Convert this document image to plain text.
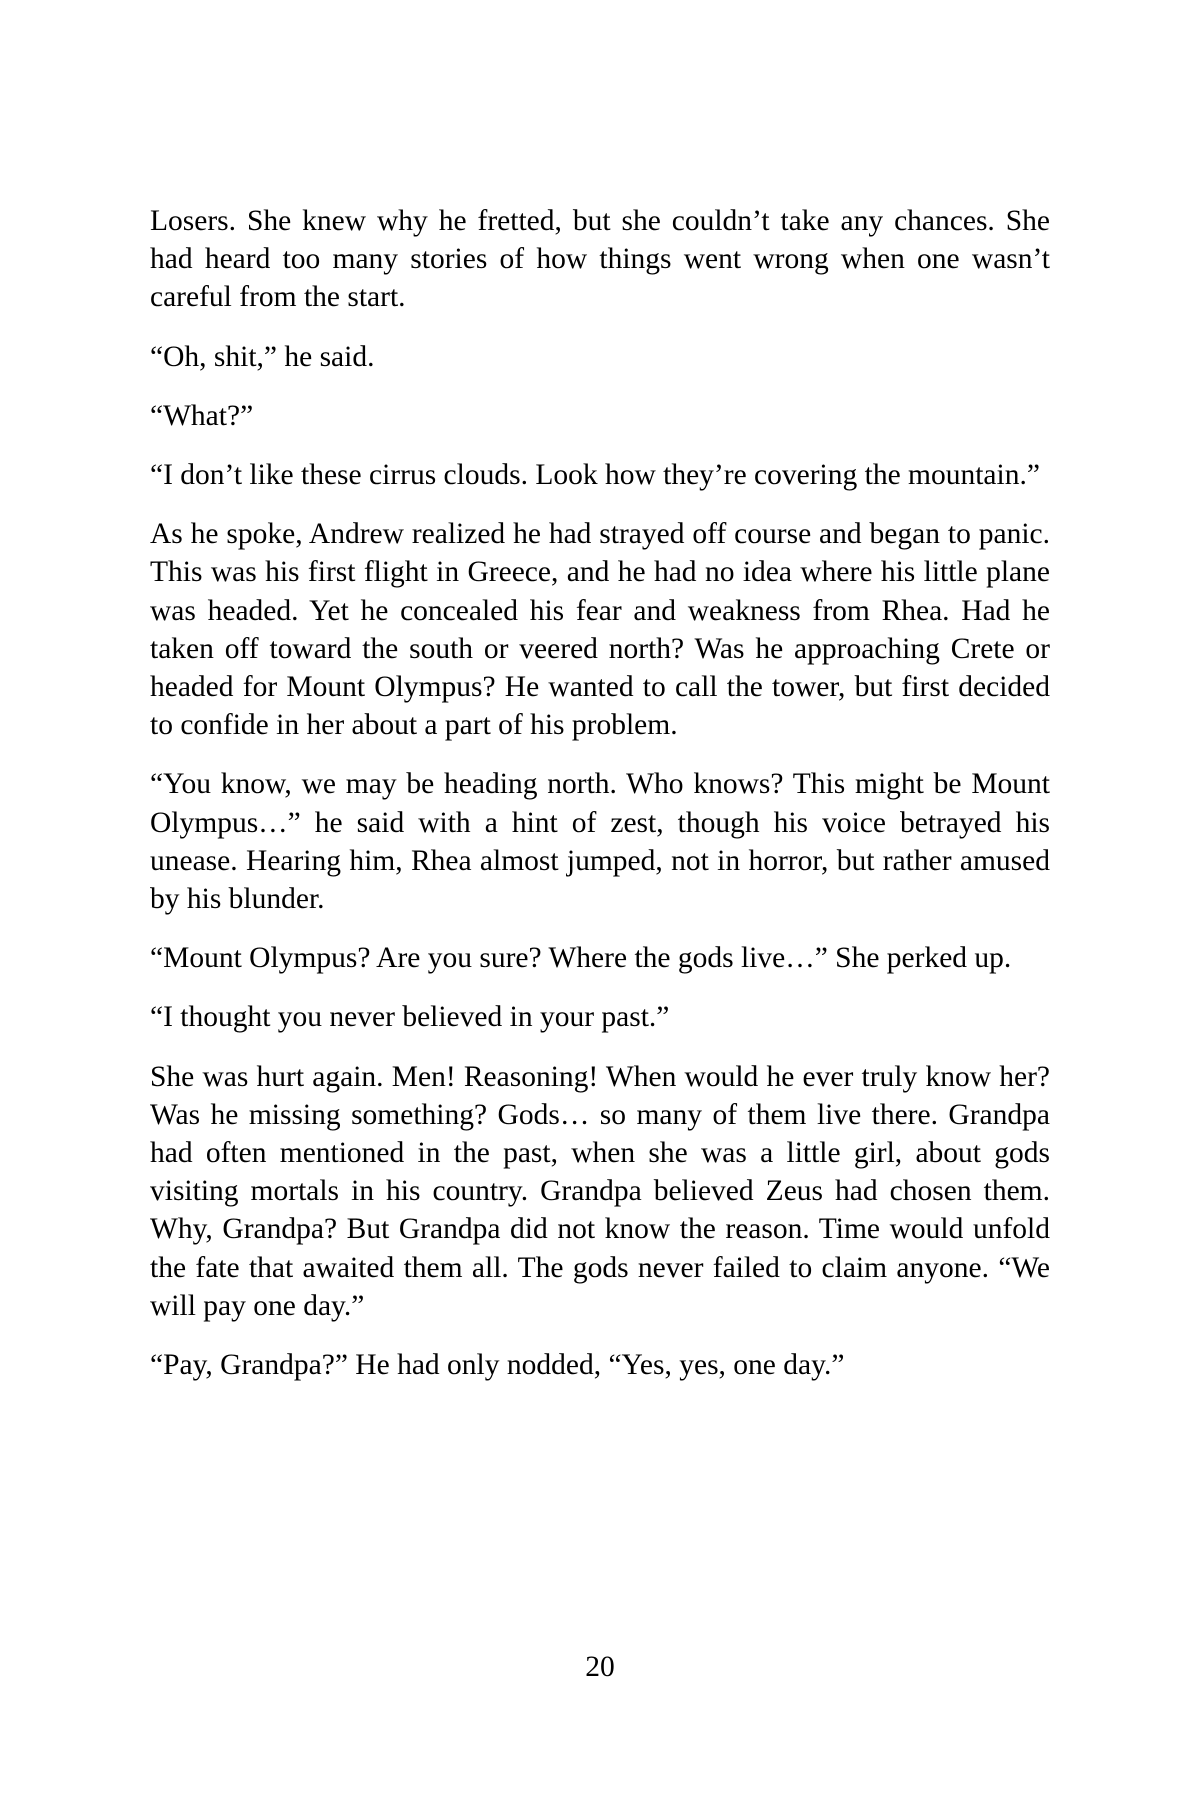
Losers. She knew why he fretted, but she couldn’t take any chances. She had heard too many stories of how things went wrong when one wasn’t careful from the start.

“Oh, shit,” he said.

“What?”

“I don’t like these cirrus clouds. Look how they’re covering the mountain.”

As he spoke, Andrew realized he had strayed off course and began to panic. This was his first flight in Greece, and he had no idea where his little plane was headed. Yet he concealed his fear and weakness from Rhea. Had he taken off toward the south or veered north? Was he approaching Crete or headed for Mount Olympus? He wanted to call the tower, but first decided to confide in her about a part of his problem.

“You know, we may be heading north. Who knows? This might be Mount Olympus…” he said with a hint of zest, though his voice betrayed his unease. Hearing him, Rhea almost jumped, not in horror, but rather amused by his blunder.

“Mount Olympus? Are you sure? Where the gods live…” She perked up.

“I thought you never believed in your past.”

She was hurt again. Men! Reasoning! When would he ever truly know her? Was he missing something? Gods… so many of them live there. Grandpa had often mentioned in the past, when she was a little girl, about gods visiting mortals in his country. Grandpa believed Zeus had chosen them. Why, Grandpa? But Grandpa did not know the reason. Time would unfold the fate that awaited them all. The gods never failed to claim anyone. “We will pay one day.”

“Pay, Grandpa?” He had only nodded, “Yes, yes, one day.”

20
